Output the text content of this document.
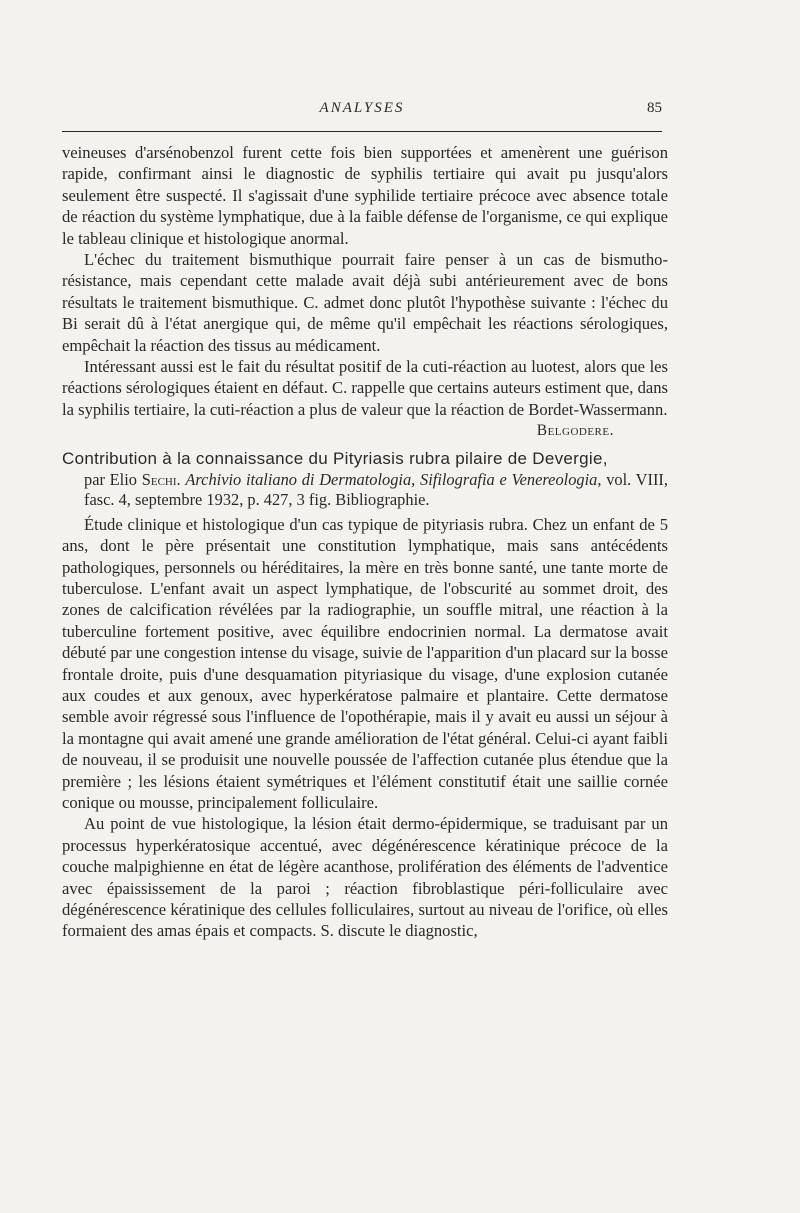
ANALYSES	85

veineuses d'arsénobenzol furent cette fois bien supportées et amenèrent une guérison rapide, confirmant ainsi le diagnostic de syphilis tertiaire qui avait pu jusqu'alors seulement être suspecté. Il s'agissait d'une syphilide tertiaire précoce avec absence totale de réaction du système lymphatique, due à la faible défense de l'organisme, ce qui explique le tableau clinique et histologique anormal.

L'échec du traitement bismuthique pourrait faire penser à un cas de bismutho-résistance, mais cependant cette malade avait déjà subi antérieurement avec de bons résultats le traitement bismuthique. C. admet donc plutôt l'hypothèse suivante : l'échec du Bi serait dû à l'état anergique qui, de même qu'il empêchait les réactions sérologiques, empêchait la réaction des tissus au médicament.

Intéressant aussi est le fait du résultat positif de la cuti-réaction au luotest, alors que les réactions sérologiques étaient en défaut. C. rappelle que certains auteurs estiment que, dans la syphilis tertiaire, la cuti-réaction a plus de valeur que la réaction de Bordet-Wassermann.

Belgodere.
Contribution à la connaissance du Pityriasis rubra pilaire de Devergie,
par Elio Sechi. Archivio italiano di Dermatologia, Sifilografia e Venereologia, vol. VIII, fasc. 4, septembre 1932, p. 427, 3 fig. Bibliographie.

Étude clinique et histologique d'un cas typique de pityriasis rubra. Chez un enfant de 5 ans, dont le père présentait une constitution lymphatique, mais sans antécédents pathologiques, personnels ou héréditaires, la mère en très bonne santé, une tante morte de tuberculose. L'enfant avait un aspect lymphatique, de l'obscurité au sommet droit, des zones de calcification révélées par la radiographie, un souffle mitral, une réaction à la tuberculine fortement positive, avec équilibre endocrinien normal. La dermatose avait débuté par une congestion intense du visage, suivie de l'apparition d'un placard sur la bosse frontale droite, puis d'une desquamation pityriasique du visage, d'une explosion cutanée aux coudes et aux genoux, avec hyperkératose palmaire et plantaire. Cette dermatose semble avoir régressé sous l'influence de l'opothérapie, mais il y avait eu aussi un séjour à la montagne qui avait amené une grande amélioration de l'état général. Celui-ci ayant faibli de nouveau, il se produisit une nouvelle poussée de l'affection cutanée plus étendue que la première ; les lésions étaient symétriques et l'élément constitutif était une saillie cornée conique ou mousse, principalement folliculaire.

Au point de vue histologique, la lésion était dermo-épidermique, se traduisant par un processus hyperkératosique accentué, avec dégénérescence kératinique précoce de la couche malpighienne en état de légère acanthose, prolifération des éléments de l'adventice avec épaississement de la paroi ; réaction fibroblastique péri-folliculaire avec dégénérescence kératinique des cellules folliculaires, surtout au niveau de l'orifice, où elles formaient des amas épais et compacts. S. discute le diagnostic,
